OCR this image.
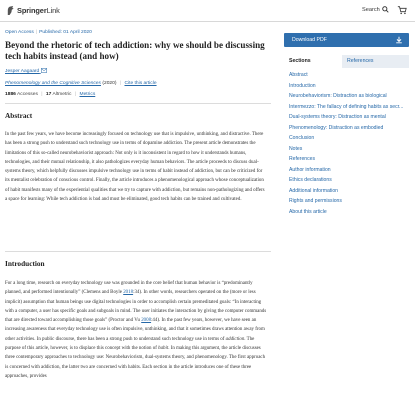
SpringerLink	Search
Open Access | Published: 01 April 2020
Beyond the rhetoric of tech addiction: why we should be discussing tech habits instead (and how)
Jesper Aagaard
Phenomenology and the Cognitive Sciences (2020) | Cite this article
1886 Accesses | 17 Altmetric | Metrics
Abstract

In the past few years, we have become increasingly focused on technology use that is impulsive, unthinking, and distractive. There has been a strong push to understand such technology use in terms of dopamine addiction. The present article demonstrates the limitations of this so-called neurobehaviorist approach: Not only is it inconsistent in regard to how it understands humans, technologies, and their mutual relationship, it also pathologizes everyday human behaviors. The article proceeds to discuss dual-systems theory, which helpfully discusses impulsive technology use in terms of habit instead of addiction, but can be criticized for its mentalist celebration of conscious control. Finally, the article introduces a phenomenological approach whose conceptualization of habit manifests many of the experiential qualities that we try to capture with addiction, but remains non-pathologizing and offers a space for learning: While tech addiction is bad and must be eliminated, good tech habits can be trained and cultivated.

Introduction

For a long time, research on everyday technology use was grounded in the core belief that human behavior is “predominantly planned, and performed intentionally” (Clemens and Boyle 2018:34). In other words, researchers operated on the (more or less implicit) assumption that human beings use digital technologies in order to accomplish certain premeditated goals: “In interacting with a computer, a user has specific goals and subgoals in mind. The user initiates the interaction by giving the computer commands that are directed toward accomplishing those goals” (Proctor and Vu 2008:44). In the past few years, however, we have seen an increasing awareness that everyday technology use is often impulsive, unthinking, and that it sometimes draws attention away from other activities. In public discourse, there has been a strong push to understand such technology use in terms of addiction. The purpose of this article, however, is to displace this concept with the notion of habit. In making this argument, the article discusses three contemporary approaches to technology use: Neurobehaviorism, dual-systems theory, and phenomenology. The first approach is concerned with addiction, the latter two are concerned with habits. Each section in the article introduces one of these three approaches, provides

Download PDF
Sections	References
Abstract
Introduction
Neurobehaviorism: Distraction as biological
Intermezzo: The fallacy of defining habits as secr...
Dual-systems theory: Distraction as mental
Phenomenology: Distraction as embodied
Conclusion
Notes
References
Author information
Ethics declarations
Additional information
Rights and permissions
About this article
